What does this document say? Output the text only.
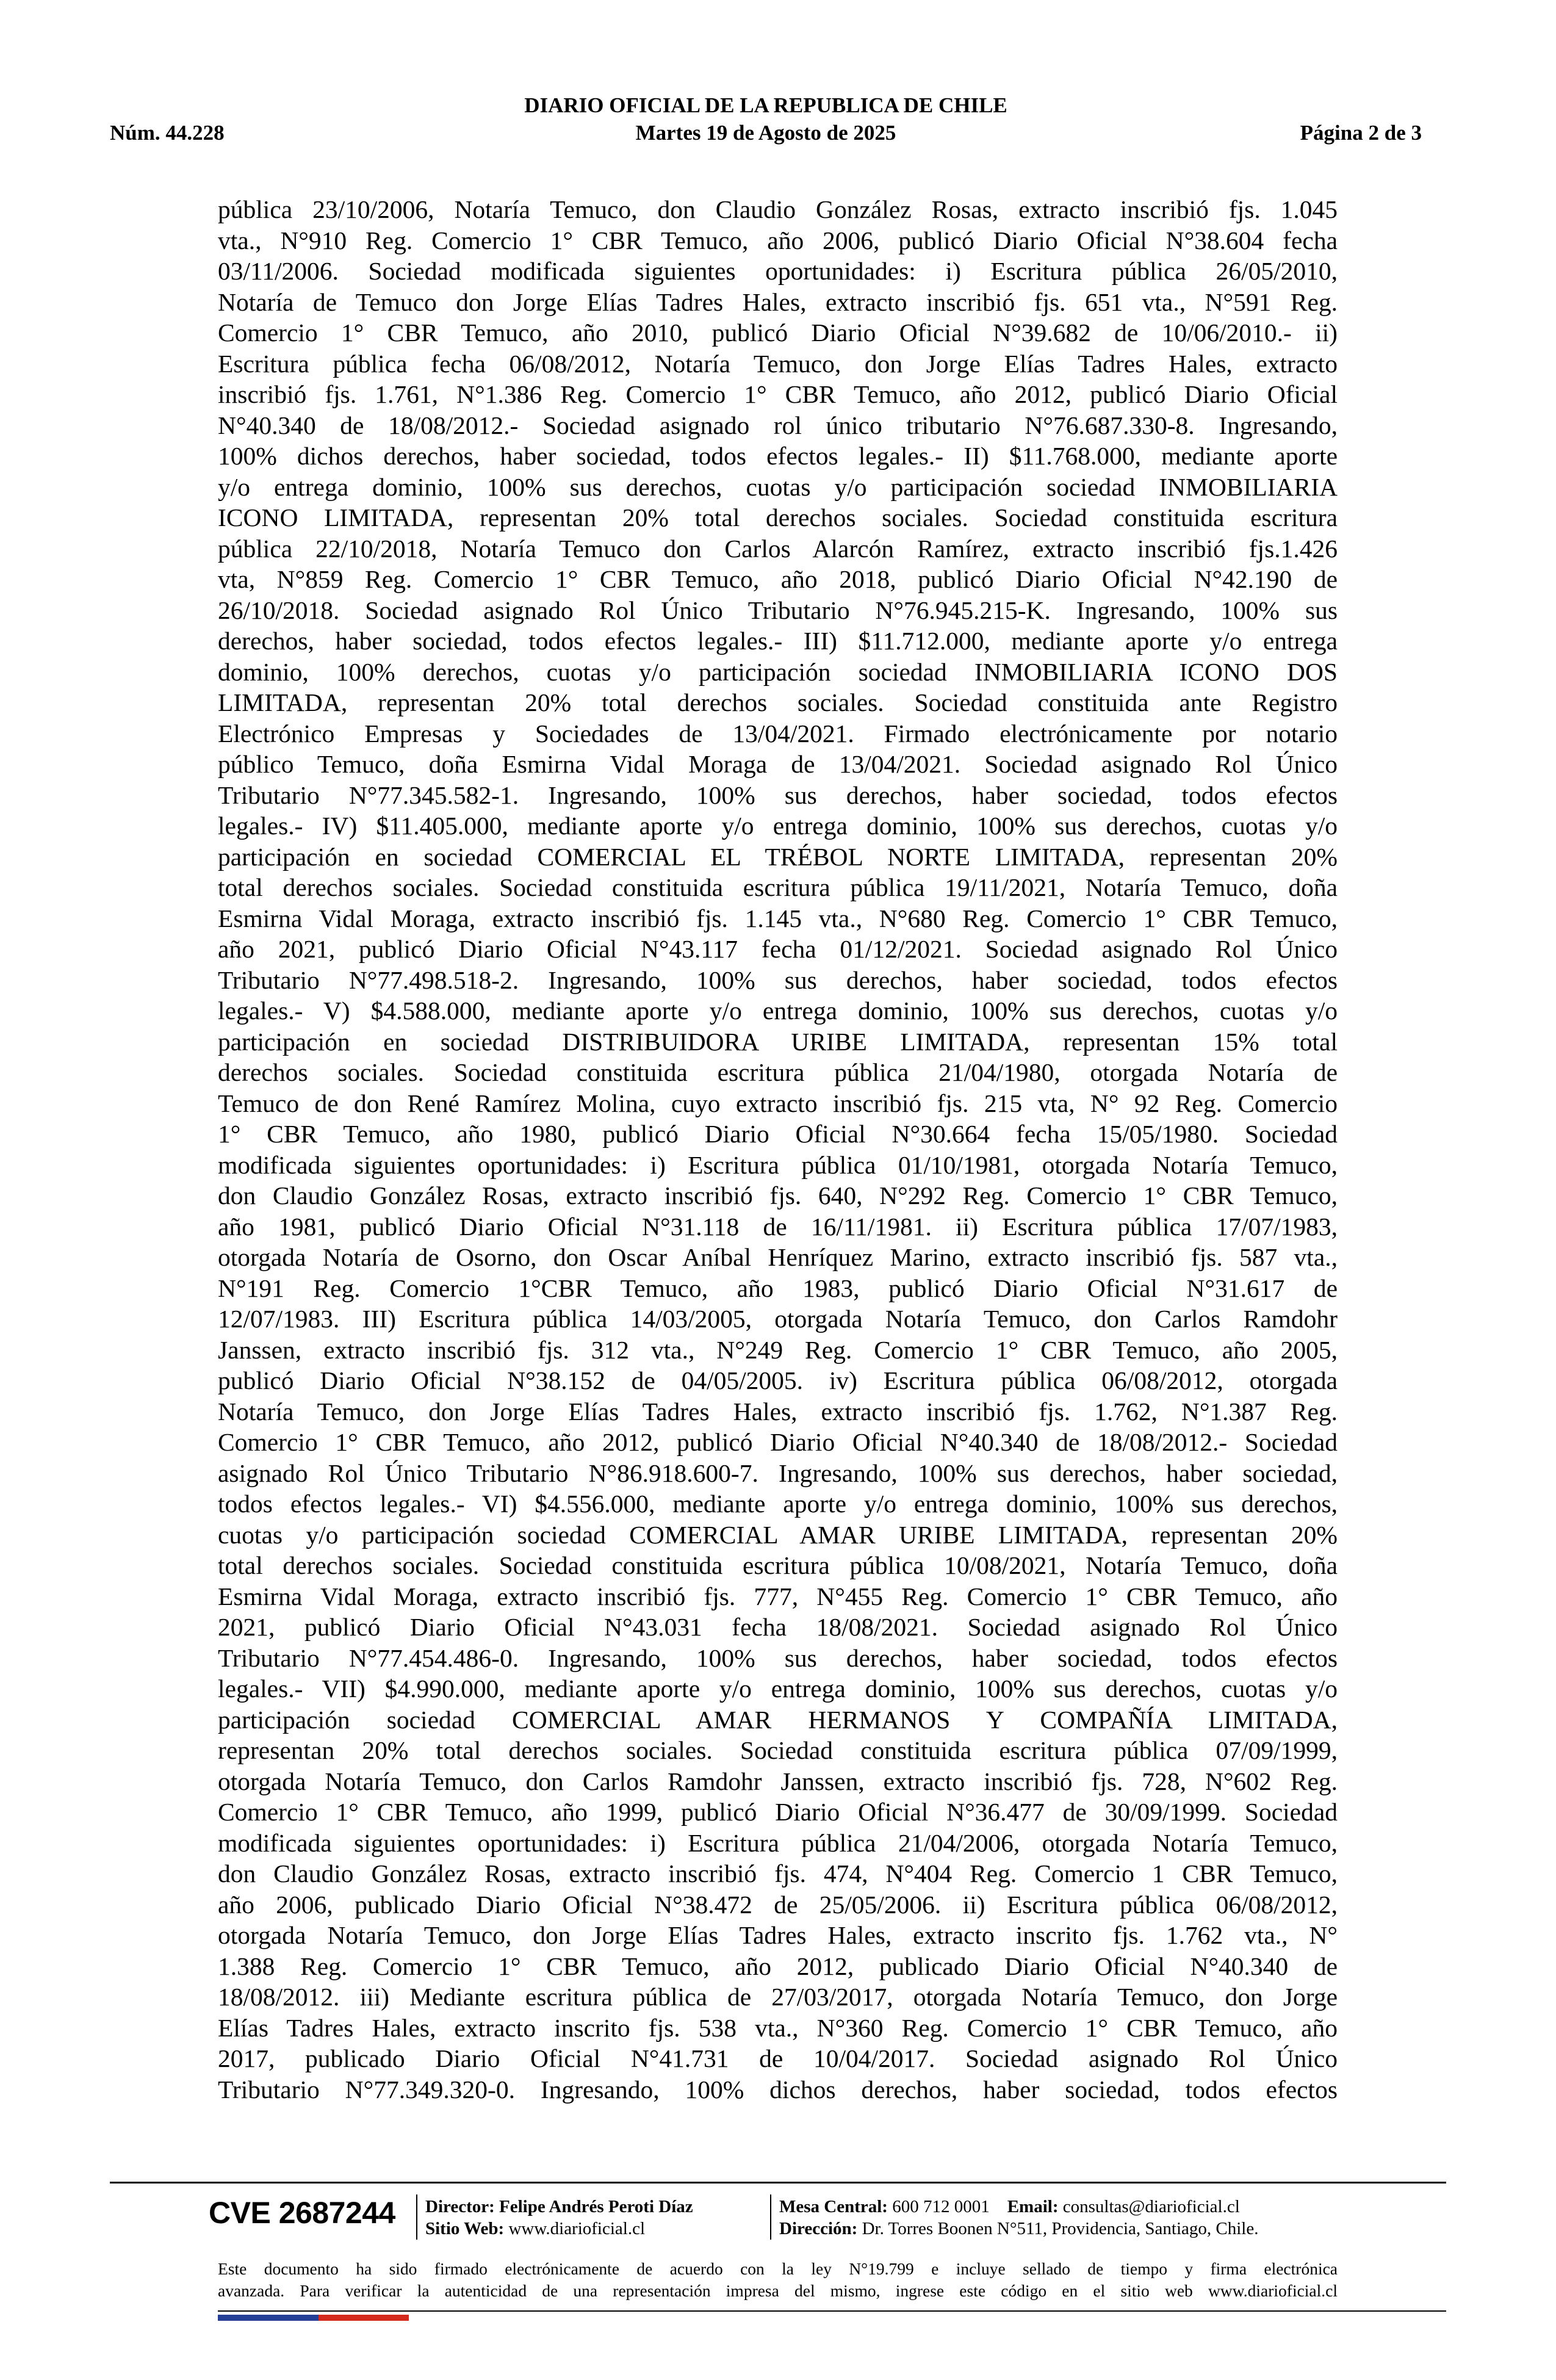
DIARIO OFICIAL DE LA REPUBLICA DE CHILE
Núm. 44.228	Martes 19 de Agosto de 2025	Página 2 de 3

pública 23/10/2006, Notaría Temuco, don Claudio González Rosas, extracto inscribió fjs. 1.045

vta., N°910 Reg. Comercio 1° CBR Temuco, año 2006, publicó Diario Oficial N°38.604 fecha

03/11/2006. Sociedad modificada siguientes oportunidades: i) Escritura pública 26/05/2010,

Notaría de Temuco don Jorge Elías Tadres Hales, extracto inscribió fjs. 651 vta., N°591 Reg.

Comercio 1° CBR Temuco, año 2010, publicó Diario Oficial N°39.682 de 10/06/2010.- ii)

Escritura pública fecha 06/08/2012, Notaría Temuco, don Jorge Elías Tadres Hales, extracto

inscribió fjs. 1.761, N°1.386 Reg. Comercio 1° CBR Temuco, año 2012, publicó Diario Oficial

N°40.340 de 18/08/2012.- Sociedad asignado rol único tributario N°76.687.330-8. Ingresando,

100% dichos derechos, haber sociedad, todos efectos legales.- II) $11.768.000, mediante aporte

y/o entrega dominio, 100% sus derechos, cuotas y/o participación sociedad INMOBILIARIA

ICONO LIMITADA, representan 20% total derechos sociales. Sociedad constituida escritura

pública 22/10/2018, Notaría Temuco don Carlos Alarcón Ramírez, extracto inscribió fjs.1.426

vta, N°859 Reg. Comercio 1° CBR Temuco, año 2018, publicó Diario Oficial N°42.190 de

26/10/2018. Sociedad asignado Rol Único Tributario N°76.945.215-K. Ingresando, 100% sus

derechos, haber sociedad, todos efectos legales.- III) $11.712.000, mediante aporte y/o entrega

dominio, 100% derechos, cuotas y/o participación sociedad INMOBILIARIA ICONO DOS

LIMITADA, representan 20% total derechos sociales. Sociedad constituida ante Registro

Electrónico Empresas y Sociedades de 13/04/2021. Firmado electrónicamente por notario

público Temuco, doña Esmirna Vidal Moraga de 13/04/2021. Sociedad asignado Rol Único

Tributario N°77.345.582-1. Ingresando, 100% sus derechos, haber sociedad, todos efectos

legales.- IV) $11.405.000, mediante aporte y/o entrega dominio, 100% sus derechos, cuotas y/o

participación en sociedad COMERCIAL EL TRÉBOL NORTE LIMITADA, representan 20%

total derechos sociales. Sociedad constituida escritura pública 19/11/2021, Notaría Temuco, doña

Esmirna Vidal Moraga, extracto inscribió fjs. 1.145 vta., N°680 Reg. Comercio 1° CBR Temuco,

año 2021, publicó Diario Oficial N°43.117 fecha 01/12/2021. Sociedad asignado Rol Único

Tributario N°77.498.518-2. Ingresando, 100% sus derechos, haber sociedad, todos efectos

legales.- V) $4.588.000, mediante aporte y/o entrega dominio, 100% sus derechos, cuotas y/o

participación en sociedad DISTRIBUIDORA URIBE LIMITADA, representan 15% total

derechos sociales. Sociedad constituida escritura pública 21/04/1980, otorgada Notaría de

Temuco de don René Ramírez Molina, cuyo extracto inscribió fjs. 215 vta, N° 92 Reg. Comercio

1° CBR Temuco, año 1980, publicó Diario Oficial N°30.664 fecha 15/05/1980. Sociedad

modificada siguientes oportunidades: i) Escritura pública 01/10/1981, otorgada Notaría Temuco,

don Claudio González Rosas, extracto inscribió fjs. 640, N°292 Reg. Comercio 1° CBR Temuco,

año 1981, publicó Diario Oficial N°31.118 de 16/11/1981. ii) Escritura pública 17/07/1983,

otorgada Notaría de Osorno, don Oscar Aníbal Henríquez Marino, extracto inscribió fjs. 587 vta.,

N°191 Reg. Comercio 1°CBR Temuco, año 1983, publicó Diario Oficial N°31.617 de

12/07/1983. III) Escritura pública 14/03/2005, otorgada Notaría Temuco, don Carlos Ramdohr

Janssen, extracto inscribió fjs. 312 vta., N°249 Reg. Comercio 1° CBR Temuco, año 2005,

publicó Diario Oficial N°38.152 de 04/05/2005. iv) Escritura pública 06/08/2012, otorgada

Notaría Temuco, don Jorge Elías Tadres Hales, extracto inscribió fjs. 1.762, N°1.387 Reg.

Comercio 1° CBR Temuco, año 2012, publicó Diario Oficial N°40.340 de 18/08/2012.- Sociedad

asignado Rol Único Tributario N°86.918.600-7. Ingresando, 100% sus derechos, haber sociedad,

todos efectos legales.- VI) $4.556.000, mediante aporte y/o entrega dominio, 100% sus derechos,

cuotas y/o participación sociedad COMERCIAL AMAR URIBE LIMITADA, representan 20%

total derechos sociales. Sociedad constituida escritura pública 10/08/2021, Notaría Temuco, doña

Esmirna Vidal Moraga, extracto inscribió fjs. 777, N°455 Reg. Comercio 1° CBR Temuco, año

2021, publicó Diario Oficial N°43.031 fecha 18/08/2021. Sociedad asignado Rol Único

Tributario N°77.454.486-0. Ingresando, 100% sus derechos, haber sociedad, todos efectos

legales.- VII) $4.990.000, mediante aporte y/o entrega dominio, 100% sus derechos, cuotas y/o

participación sociedad COMERCIAL AMAR HERMANOS Y COMPAÑÍA LIMITADA,

representan 20% total derechos sociales. Sociedad constituida escritura pública 07/09/1999,

otorgada Notaría Temuco, don Carlos Ramdohr Janssen, extracto inscribió fjs. 728, N°602 Reg.

Comercio 1° CBR Temuco, año 1999, publicó Diario Oficial N°36.477 de 30/09/1999. Sociedad

modificada siguientes oportunidades: i) Escritura pública 21/04/2006, otorgada Notaría Temuco,

don Claudio González Rosas, extracto inscribió fjs. 474, N°404 Reg. Comercio 1 CBR Temuco,

año 2006, publicado Diario Oficial N°38.472 de 25/05/2006. ii) Escritura pública 06/08/2012,

otorgada Notaría Temuco, don Jorge Elías Tadres Hales, extracto inscrito fjs. 1.762 vta., N°

1.388 Reg. Comercio 1° CBR Temuco, año 2012, publicado Diario Oficial N°40.340 de

18/08/2012. iii) Mediante escritura pública de 27/03/2017, otorgada Notaría Temuco, don Jorge

Elías Tadres Hales, extracto inscrito fjs. 538 vta., N°360 Reg. Comercio 1° CBR Temuco, año

2017, publicado Diario Oficial N°41.731 de 10/04/2017. Sociedad asignado Rol Único

Tributario N°77.349.320-0. Ingresando, 100% dichos derechos, haber sociedad, todos efectos

CVE 2687244 Director: Felipe Andrés Peroti Díaz
Sitio Web: www.diarioficial.cl
Mesa Central: 600 712 0001 Email: consultas@diarioficial.cl
Dirección: Dr. Torres Boonen N°511, Providencia, Santiago, Chile.
Este documento ha sido firmado electrónicamente de acuerdo con la ley N°19.799 e incluye sellado de tiempo y firma electrónica
avanzada. Para verificar la autenticidad de una representación impresa del mismo, ingrese este código en el sitio web www.diarioficial.cl
